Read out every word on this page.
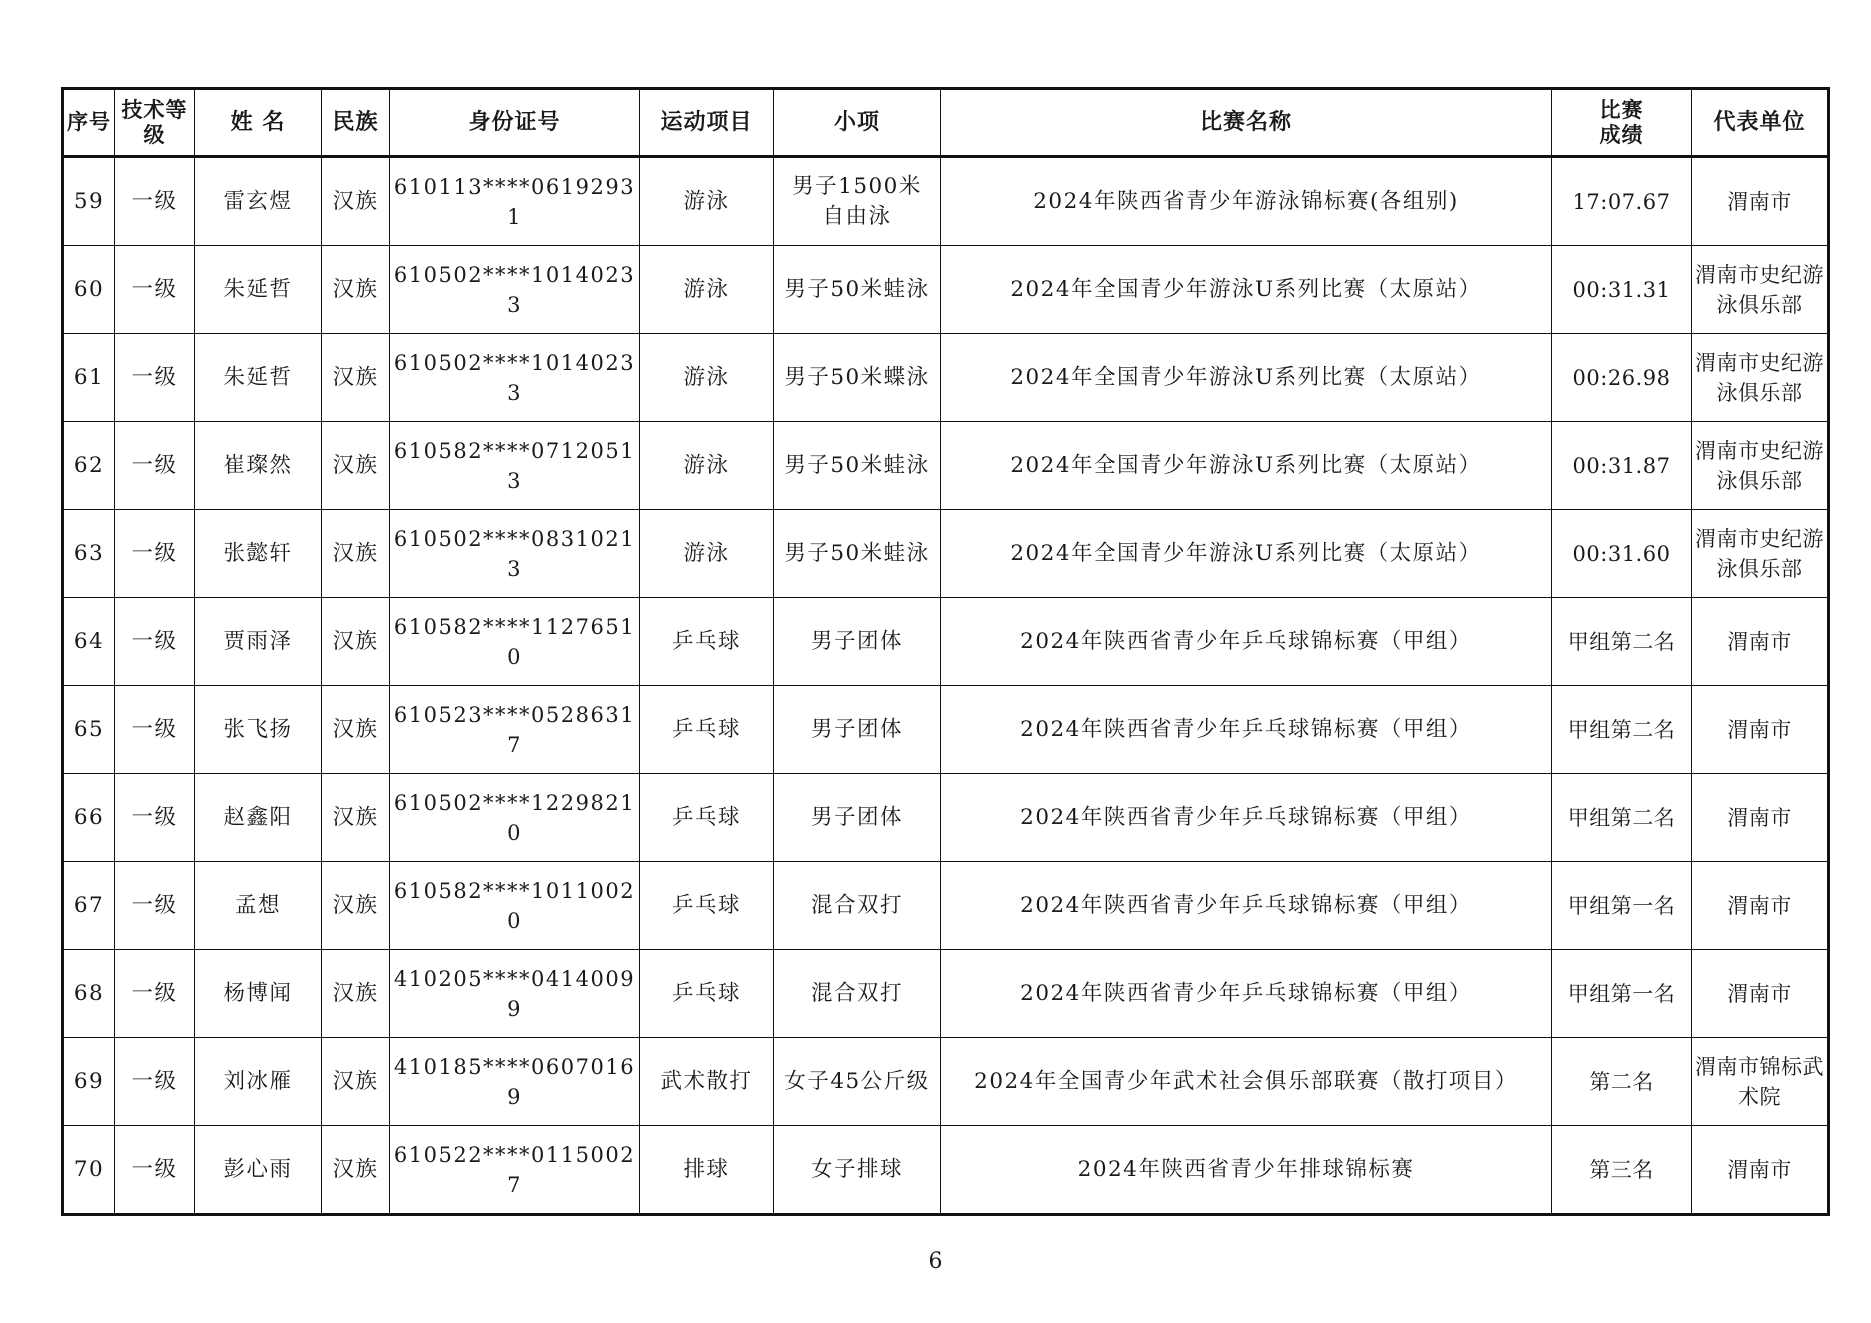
序号	技术等级	姓 名	民族	身份证号	运动项目	小项	比赛名称	比赛成绩	代表单位
59	一级	雷玄煜	汉族	610113****06192931	游泳	男子1500米自由泳	2024年陕西省青少年游泳锦标赛(各组别)	17:07.67	渭南市
60	一级	朱延哲	汉族	610502****10140233	游泳	男子50米蛙泳	2024年全国青少年游泳U系列比赛（太原站）	00:31.31	渭南市史纪游泳俱乐部
61	一级	朱延哲	汉族	610502****10140233	游泳	男子50米蝶泳	2024年全国青少年游泳U系列比赛（太原站）	00:26.98	渭南市史纪游泳俱乐部
62	一级	崔璨然	汉族	610582****07120513	游泳	男子50米蛙泳	2024年全国青少年游泳U系列比赛（太原站）	00:31.87	渭南市史纪游泳俱乐部
63	一级	张懿轩	汉族	610502****08310213	游泳	男子50米蛙泳	2024年全国青少年游泳U系列比赛（太原站）	00:31.60	渭南市史纪游泳俱乐部
64	一级	贾雨泽	汉族	610582****11276510	乒乓球	男子团体	2024年陕西省青少年乒乓球锦标赛（甲组）	甲组第二名	渭南市
65	一级	张飞扬	汉族	610523****05286317	乒乓球	男子团体	2024年陕西省青少年乒乓球锦标赛（甲组）	甲组第二名	渭南市
66	一级	赵鑫阳	汉族	610502****12298210	乒乓球	男子团体	2024年陕西省青少年乒乓球锦标赛（甲组）	甲组第二名	渭南市
67	一级	孟想	汉族	610582****10110020	乒乓球	混合双打	2024年陕西省青少年乒乓球锦标赛（甲组）	甲组第一名	渭南市
68	一级	杨博闻	汉族	410205****04140099	乒乓球	混合双打	2024年陕西省青少年乒乓球锦标赛（甲组）	甲组第一名	渭南市
69	一级	刘冰雁	汉族	410185****06070169	武术散打	女子45公斤级	2024年全国青少年武术社会俱乐部联赛（散打项目）	第二名	渭南市锦标武术院
70	一级	彭心雨	汉族	610522****01150027	排球	女子排球	2024年陕西省青少年排球锦标赛	第三名	渭南市
6
